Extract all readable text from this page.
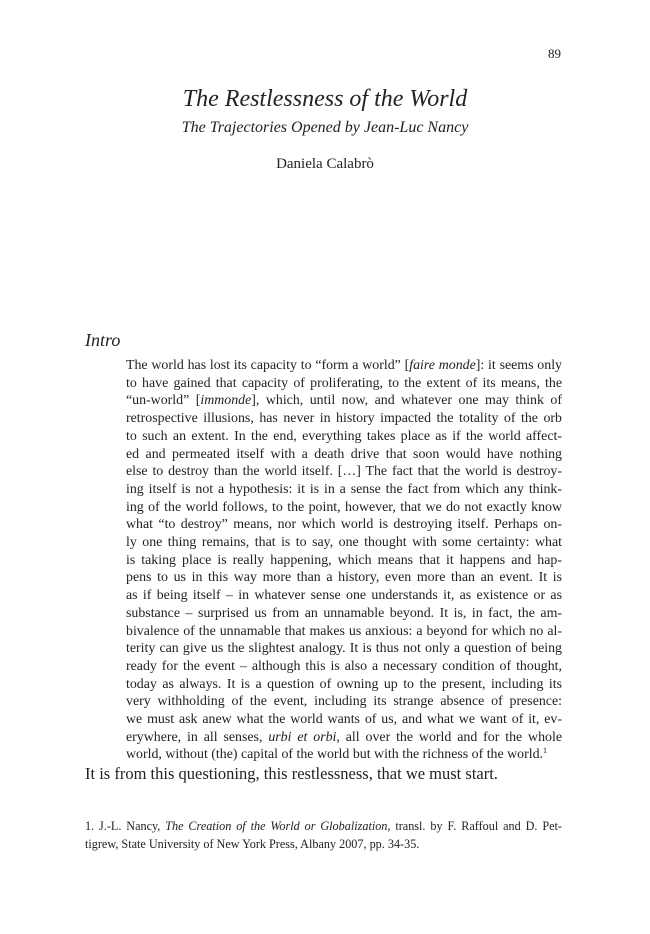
89
The Restlessness of the World
The Trajectories Opened by Jean-Luc Nancy
Daniela Calabrò
Intro
The world has lost its capacity to “form a world” [faire monde]: it seems only
to have gained that capacity of proliferating, to the extent of its means, the
“un-world” [immonde], which, until now, and whatever one may think of
retrospective illusions, has never in history impacted the totality of the orb
to such an extent. In the end, everything takes place as if the world affect-
ed and permeated itself with a death drive that soon would have nothing
else to destroy than the world itself. […] The fact that the world is destroy-
ing itself is not a hypothesis: it is in a sense the fact from which any think-
ing of the world follows, to the point, however, that we do not exactly know
what “to destroy” means, nor which world is destroying itself. Perhaps on-
ly one thing remains, that is to say, one thought with some certainty: what
is taking place is really happening, which means that it happens and hap-
pens to us in this way more than a history, even more than an event. It is
as if being itself – in whatever sense one understands it, as existence or as
substance – surprised us from an unnamable beyond. It is, in fact, the am-
bivalence of the unnamable that makes us anxious: a beyond for which no al-
terity can give us the slightest analogy. It is thus not only a question of being
ready for the event – although this is also a necessary condition of thought,
today as always. It is a question of owning up to the present, including its
very withholding of the event, including its strange absence of presence:
we must ask anew what the world wants of us, and what we want of it, ev-
erywhere, in all senses, urbi et orbi, all over the world and for the whole
world, without (the) capital of the world but with the richness of the world.$^1$

It is from this questioning, this restlessness, that we must start.

1. J.-L. Nancy, The Creation of the World or Globalization, transl. by F. Raffoul and D. Pet-
tigrew, State University of New York Press, Albany 2007, pp. 34-35.
